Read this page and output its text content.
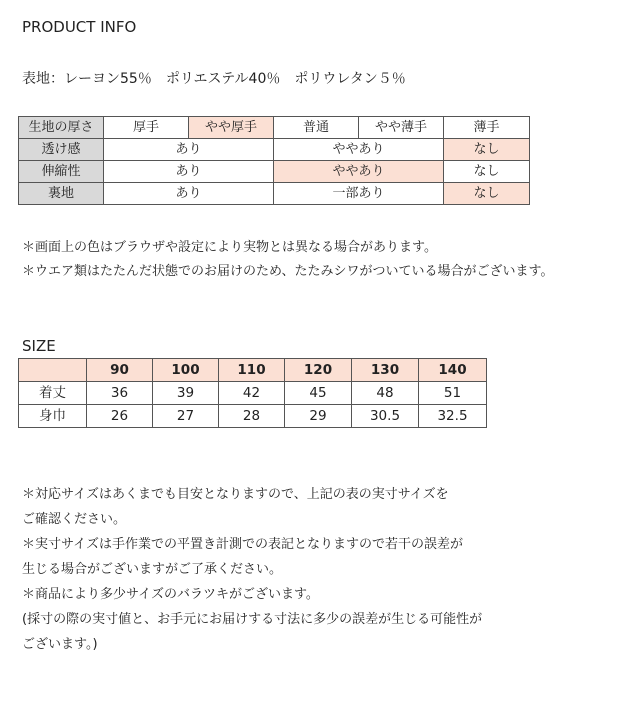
PRODUCT INFO
表地：レーヨン55％　ポリエステル40％　ポリウレタン５％
生地の厚さ	厚手	やや厚手	普通	やや薄手	薄手
透け感	あり		ややあり		なし
伸縮性	あり		ややあり		なし
裏地	あり		一部あり		なし
＊画面上の色はブラウザや設定により実物とは異なる場合があります。
＊ウエア類はたたんだ状態でのお届けのため、たたみシワがついている場合がございます。
SIZE
	90	100	110	120	130	140
着丈	36	39	42	45	48	51
身巾	26	27	28	29	30.5	32.5
＊対応サイズはあくまでも目安となりますので、上記の表の実寸サイズを
ご確認ください。
＊実寸サイズは手作業での平置き計測での表記となりますので若干の誤差が
生じる場合がございますがご了承ください。
＊商品により多少サイズのバラツキがございます。
(採寸の際の実寸値と、お手元にお届けする寸法に多少の誤差が生じる可能性が
ございます。)
